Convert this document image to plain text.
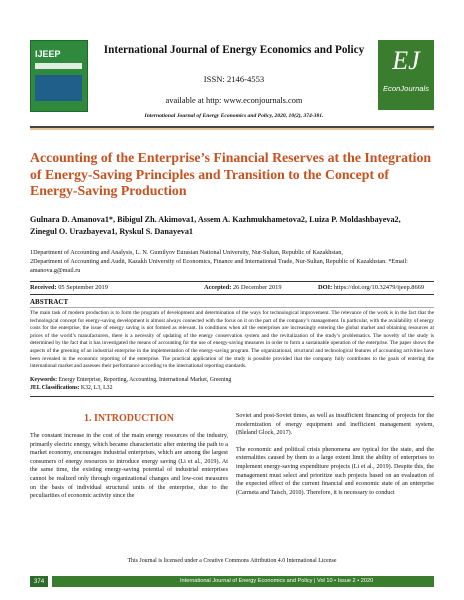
IJEEP	International Journal of Energy Economics and Policy
ISSN: 2146-4553
available at http: www.econjournals.com
International Journal of Energy Economics and Policy, 2020, 10(2), 374-381.
EJ
EconJournals
Accounting of the Enterprise’s Financial Reserves at the Integration of Energy-Saving Principles and Transition to the Concept of Energy-Saving Production
Gulnara D. Amanova1*, Bibigul Zh. Akimova1, Assem A. Kazhmukhametova2, Luiza P. Moldashbayeva2,
Zinegul O. Urazbayeva1, Ryskul S. Danayeva1

1Department of Accounting and Analysis, L. N. Gumilyov Eurasian National University, Nur-Sultan, Republic of Kazakhstan,

2Department of Accounting and Audit, Kazakh University of Economics, Finance and International Trade, Nur-Sultan, Republic of Kazakhstan. *Email: amanova.g@mail.ru

Received: 05 September 2019	Accepted: 26 December 2019	DOI: https://doi.org/10.32479/ijeep.8669
ABSTRACT
The main task of modern production is to form the program of development and determination of the ways for technological improvement. The relevance of the work is in the fact that the technological concept for energy-saving development is almost always connected with the focus on it on the part of the company’s management. In particular, with the availability of energy costs for the enterprise, the issue of energy saving is not formed as relevant. In conditions when all the enterprises are increasingly entering the global market and obtaining resources at prices of the world’s manufacturers, there is a necessity of updating of the energy conservation system and the revitalization of the study’s problematics. The novelty of the study is determined by the fact that it has investigated the means of accounting for the use of energy-saving measures in order to form a sustainable operation of the enterprise. The paper shows the aspects of the greening of an industrial enterprise in the implementation of the energy-saving program. The organizational, structural and technological features of accounting activities have been revealed in the economic reporting of the enterprise. The practical application of the study is possible provided that the company fully contributes to the goals of entering the international market and assesses their performance according to the international reporting standards.
Keywords: Energy Enterprise, Reporting, Accounting, International Market, Greening
JEL Classifications: K32, L3, L32
1. INTRODUCTION
The constant increase in the cost of the main energy resources of the industry, primarily electric energy, which became characteristic after entering the path to a market economy, encourages industrial enterprises, which are among the largest consumers of energy resources to introduce energy saving (Li et al., 2019). At the same time, the existing energy-saving potential of industrial enterprises cannot be realized only through organizational changes and low-cost measures on the basis of individual structural units of the enterprise, due to the peculiarities of economic activity since the

Soviet and post-Soviet times, as well as insufficient financing of projects for the modernization of energy equipment and inefficient management system, (Bleland Glock, 2017).

The economic and political crisis phenomena are typical for the state, and the externalities caused by them to a large extent limit the ability of enterprises to implement energy-saving expenditure projects (Li et al., 2019). Despite this, the management must select and prioritize such projects based on an evaluation of the expected effect of the current financial and economic state of an enterprise (Carmeta and Taisch, 2010). Therefore, it is necessary to conduct

This Journal is licensed under a Creative Commons Attribution 4.0 International License
374	International Journal of Energy Economics and Policy | Vol 10 • Issue 2 • 2020
